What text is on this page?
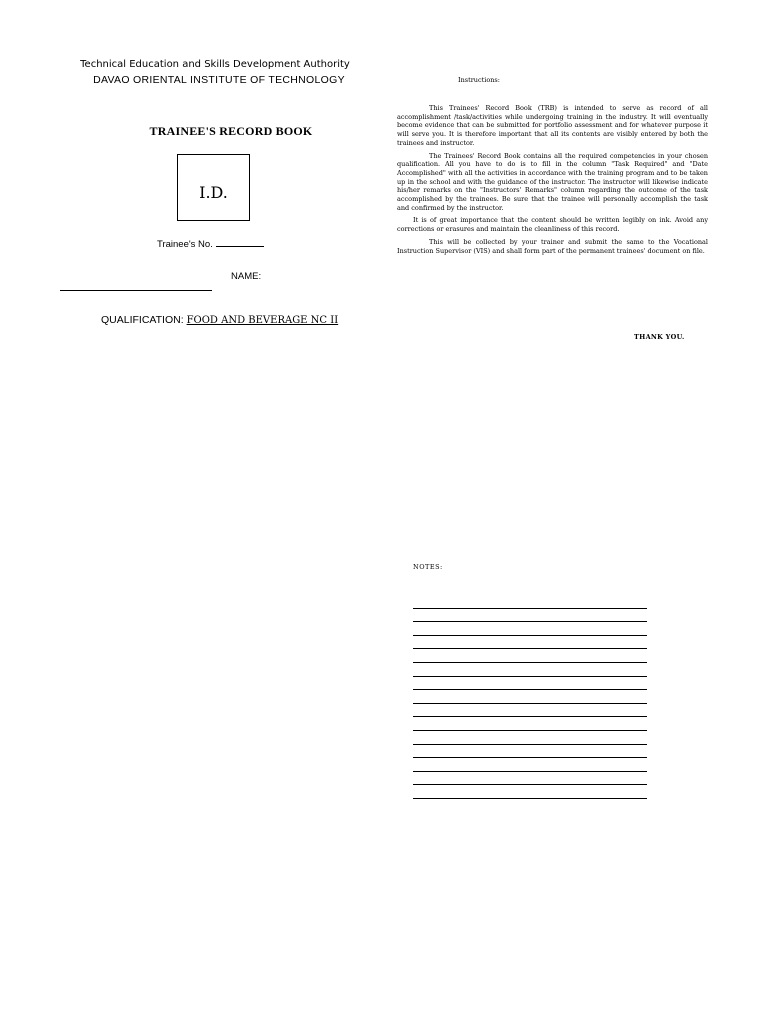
Technical Education and Skills Development Authority
DAVAO ORIENTAL INSTITUTE OF TECHNOLOGY
TRAINEE'S RECORD BOOK
I.D.
Trainee's No.
NAME:
QUALIFICATION: FOOD AND BEVERAGE NC II
Instructions:

This Trainees' Record Book (TRB) is intended to serve as record of all accomplishment /task/activities while undergoing training in the industry. It will eventually become evidence that can be submitted for portfolio assessment and for whatever purpose it will serve you. It is therefore important that all its contents are visibly entered by both the trainees and instructor.

The Trainees' Record Book contains all the required competencies in your chosen qualification. All you have to do is to fill in the column "Task Required" and "Date Accomplished" with all the activities in accordance with the training program and to be taken up in the school and with the guidance of the instructor. The instructor will likewise indicate his/her remarks on the "Instructors' Remarks" column regarding the outcome of the task accomplished by the trainees. Be sure that the trainee will personally accomplish the task and confirmed by the instructor.

It is of great importance that the content should be written legibly on ink. Avoid any corrections or erasures and maintain the cleanliness of this record.

This will be collected by your trainer and submit the same to the Vocational Instruction Supervisor (VIS) and shall form part of the permanent trainees' document on file.

THANK YOU.
NOTES:
